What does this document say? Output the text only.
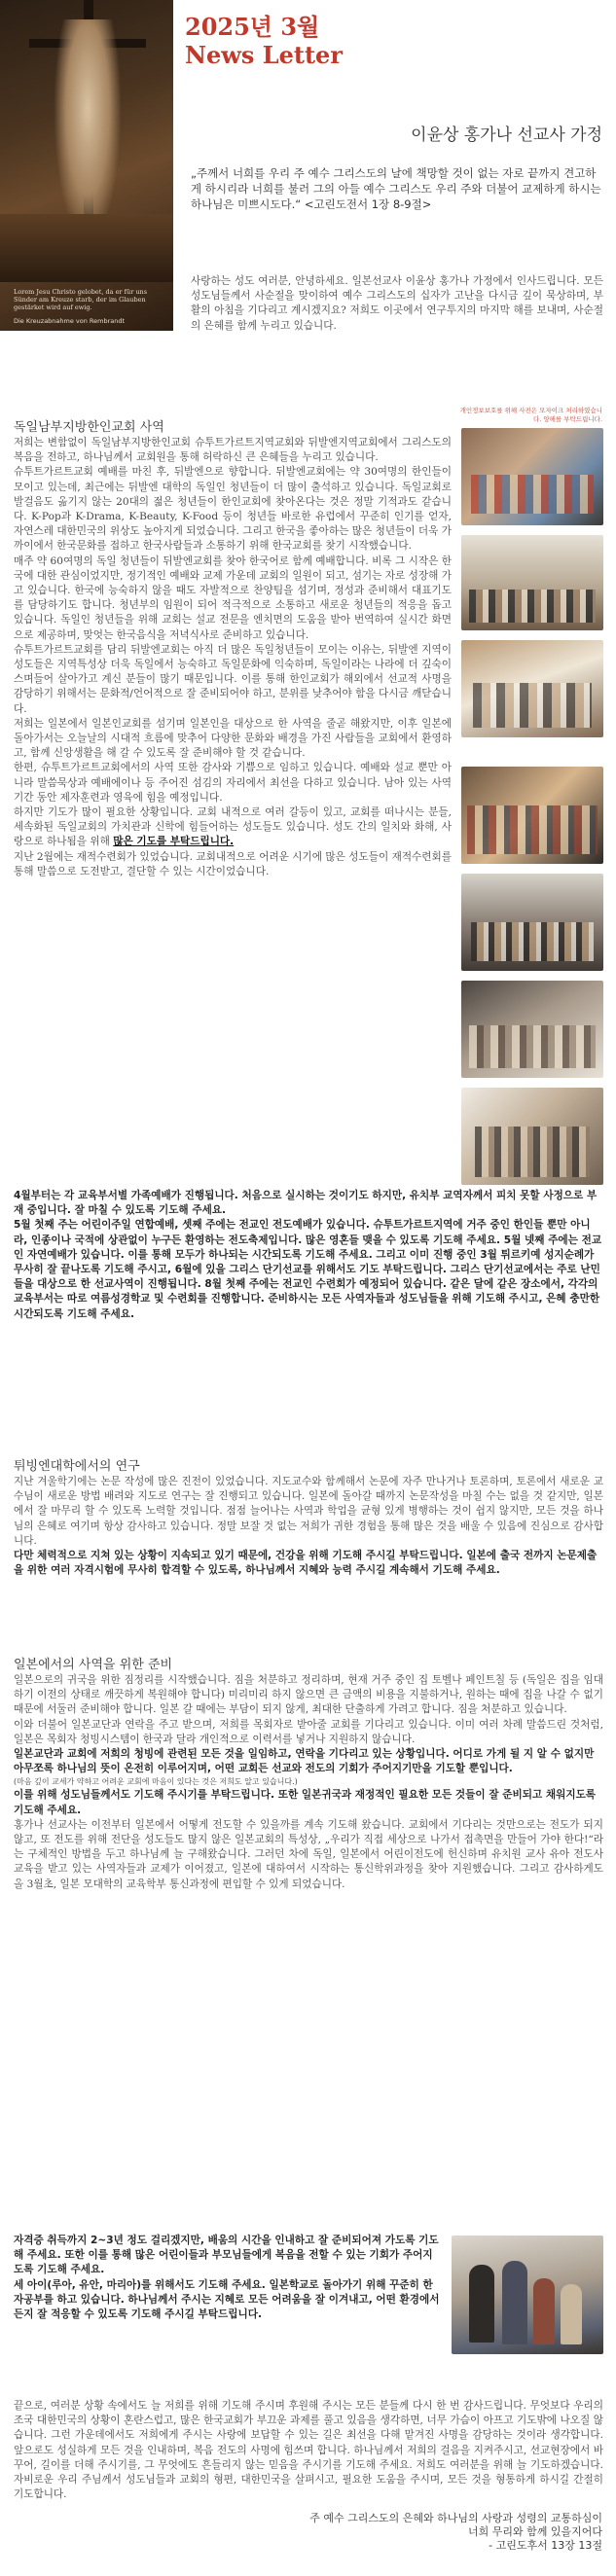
Lorem Jesu Christo gelobet, da er für uns Sünder am Kreuze starb, der im Glauben gestärket wird auf ewig.
Die Kreuzabnahme von Rembrandt
2025년 3월
News Letter
이윤상 홍가나 선교사 가정
„주께서 너희를 우리 주 예수 그리스도의 날에 책망할 것이 없는 자로 끝까지 견고하게 하시리라 너희를 불러 그의 아들 예수 그리스도 우리 주와 더불어 교제하게 하시는 하나님은 미쁘시도다.“ <고린도전서 1장 8-9절>
사랑하는 성도 여러분, 안녕하세요. 일본선교사 이윤상 홍가나 가정에서 인사드립니다. 모든 성도님들께서 사순절을 맞이하여 예수 그리스도의 십자가 고난을 다시금 깊이 묵상하며, 부활의 아침을 기다리고 계시겠지요? 저희도 이곳에서 연구투지의 마지막 해를 보내며, 사순절의 은혜를 함께 누리고 있습니다.
독일남부지방한인교회 사역
개인정보보호를 위해 사진은 모자이크 처리하였습니다. 양해를 부탁드립니다.
저희는 변함없이 독일남부지방한인교회 슈투트가르트지역교회와 뒤발엔지역교회에서 그리스도의 복음을 전하고, 하나님께서 교회원을 통해 허락하신 큰 은혜들을 누리고 있습니다.
슈투트가르트교회 예배를 마친 후, 뒤발엔으로 향합니다. 뒤발엔교회에는 약 30여명의 한인들이 모이고 있는데, 최근에는 뒤발엔 대학의 독일인 청년들이 더 많이 출석하고 있습니다. 독일교회로 발걸음도 옮기지 않는 20대의 젊은 청년들이 한인교회에 찾아온다는 것은 정말 기적과도 같습니다. K-Pop과 K-Drama, K-Beauty, K-Food 등이 청년들 바로한 유럽에서 꾸준히 인기를 얻자, 자연스레 대한민국의 위상도 높아지게 되었습니다. 그리고 한국을 좋아하는 많은 청년들이 더욱 가까이에서 한국문화를 접하고 한국사람들과 소통하기 위해 한국교회를 찾기 시작했습니다.
매주 약 60여명의 독일 청년들이 뒤발엔교회를 찾아 한국어로 함께 예배합니다. 비록 그 시작은 한국에 대한 관심이었지만, 정기적인 예배와 교제 가운데 교회의 일원이 되고, 섬기는 자로 성장해 가고 있습니다. 한국에 능숙하지 않을 때도 자발적으로 찬양팀을 섬기며, 정성과 준비해서 대표기도를 담당하기도 합니다. 청년부의 임원이 되어 적극적으로 소통하고 새로운 청년들의 적응을 돕고 있습니다. 독일인 청년들을 위해 교회는 설교 전문을 엔치면의 도움을 받아 번역하여 실시간 화면으로 제공하며, 맞엇는 한국음식을 저녁식사로 준비하고 있습니다.
슈투트가르트교회를 담리 뒤발엔교회는 아직 더 많은 독일청년들이 모이는 이유는, 뒤발엔 지역이 성도들은 지역특성상 더욱 독일에서 능숙하고 독일문화에 익숙하며, 독일이라는 나라에 더 깊숙이 스며들어 살아가고 계신 분들이 많기 때문입니다. 이를 통해 한인교회가 해외에서 선교적 사명을 감당하기 위해서는 문화적/언어적으로 잘 준비되어야 하고, 분위를 낮추어야 함을 다시금 깨닫습니다.
저희는 일본에서 일본인교회를 섬기며 일본인을 대상으로 한 사역을 줄곧 해왔지만, 이후 일본에 돌아가서는 오늘날의 시대적 흐름에 맞추어 다양한 문화와 배경을 가진 사람들을 교회에서 환영하고, 함께 신앙생활을 해 갈 수 있도록 잘 준비해야 할 것 같습니다.
한편, 슈투트가르트교회에서의 사역 또한 감사와 기쁨으로 임하고 있습니다. 예배와 설교 뿐만 아니라 말씀묵상과 예배에이나 등 주어진 섬김의 자리에서 최선을 다하고 있습니다. 남아 있는 사역기간 동안 제자훈련과 영육에 힘을 예정입니다.
하지만 기도가 많이 필요한 상황입니다. 교회 내적으로 여러 갈등이 있고, 교회를 떠나시는 분들, 세속화된 독일교회의 가치관과 신학에 힘들어하는 성도들도 있습니다. 성도 간의 일치와 화해, 사랑으로 하나됨을 위해 많은 기도를 부탁드립니다.
지난 2월에는 재적수련회가 있었습니다. 교회내적으로 어려운 시기에 많은 성도들이 재적수련회를 통해 말씀으로 도전받고, 결단할 수 있는 시간이었습니다.
4월부터는 각 교육부서별 가족예배가 진행됩니다. 처음으로 실시하는 것이기도 하지만, 유치부 교역자께서 피치 못할 사정으로 부재 중입니다. 잘 마칠 수 있도록 기도해 주세요.
5월 첫째 주는 어린이주일 연합예배, 셋째 주에는 전교인 전도예배가 있습니다. 슈투트가르트지역에 거주 중인 한인들 뿐만 아니라, 인종이나 국적에 상관없이 누구든 환영하는 전도축제입니다. 많은 영혼들 맺을 수 있도록 기도해 주세요. 5월 넷째 주에는 전교인 자연예배가 있습니다. 이를 통해 모두가 하나되는 시간되도록 기도해 주세요. 그리고 이미 진행 중인 3월 튀르키예 성지순례가 무사히 잘 끝나도록 기도해 주시고, 6월에 있을 그리스 단기선교를 위해서도 기도 부탁드립니다. 그리스 단기선교에서는 주로 난민들을 대상으로 한 선교사역이 진행됩니다. 8월 첫째 주에는 전교인 수련회가 예정되어 있습니다. 같은 달에 같은 장소에서, 각각의 교육부서는 따로 여름성경학교 및 수련회를 진행합니다. 준비하시는 모든 사역자들과 성도님들을 위해 기도해 주시고, 은혜 충만한 시간되도록 기도해 주세요.
튀빙엔대학에서의 연구
지난 겨울학기에는 논문 작성에 많은 진전이 있었습니다. 지도교수와 함께해서 논문에 자주 만나거나 토론하며, 토론에서 새로운 교수님이 새로운 방법 배려와 지도로 연구는 잘 진행되고 있습니다. 일본에 돌아갈 때까지 논문작성을 마칠 수는 없을 것 같지만, 일본에서 잘 마무리 할 수 있도록 노력할 것입니다. 점점 늘어나는 사역과 학업을 균형 있게 병행하는 것이 쉽지 않지만, 모든 것을 하나님의 은혜로 여기며 항상 감사하고 있습니다. 정말 보잘 것 없는 저희가 귀한 경험을 통해 많은 것을 배울 수 있음에 진심으로 감사합니다.
다만 체력적으로 지쳐 있는 상황이 지속되고 있기 때문에, 건강을 위해 기도해 주시길 부탁드립니다. 일본에 출국 전까지 논문제출을 위한 여러 자격시험에 무사히 합격할 수 있도록, 하나님께서 지혜와 능력 주시길 계속해서 기도해 주세요.
일본에서의 사역을 위한 준비
일본으로의 귀국을 위한 짐정리를 시작했습니다. 짐을 처분하고 정리하며, 현재 거주 중인 집 토벨나 페인트칠 등 (독일은 집을 임대하기 이전의 상태로 깨끗하게 복원해야 합니다) 미리미리 하지 않으면 큰 금액의 비용을 지불하거나, 원하는 때에 집을 나갈 수 없기 때문에 서둘러 준비해야 합니다. 일본 갈 때에는 부담이 되지 않게, 최대한 단출하게 가려고 합니다. 짐을 처분하고 있습니다.
이와 더불어 일본교단과 연락을 주고 받으며, 저희를 목회자로 받아줄 교회를 기다리고 있습니다. 이미 여러 차례 말씀드린 것처럼, 일본은 목회자 청빙시스템이 한국과 달라 개인적으로 이력서를 넣거나 지원하지 않습니다.
일본교단과 교회에 저희의 청빙에 관련된 모든 것을 일임하고, 연락을 기다리고 있는 상황입니다. 어디로 가게 될 지 알 수 없지만 아무쪼록 하나님의 뜻이 온전히 이루어지며, 어떤 교회든 선교와 전도의 기회가 주어지기만을 기도할 뿐입니다.
(마음 깊이 교세가 약하고 어려운 교회에 마음이 있다는 것은 저희도 알고 있습니다.)
이를 위해 성도님들께서도 기도해 주시기를 부탁드립니다. 또한 일본귀국과 재정적인 필요한 모든 것들이 잘 준비되고 채워지도록 기도해 주세요.
홍가나 선교사는 이전부터 일본에서 어떻게 전도할 수 있을까를 계속 기도해 왔습니다. 교회에서 기다리는 것만으로는 전도가 되지 않고, 또 전도를 위해 전단을 성도들도 많지 않은 일본교회의 특성상, „우리가 직접 세상으로 나가서 접촉면을 만들어 가야 한다!“라는 구체적인 방법을 두고 하나님께 늘 구해왔습니다. 그러던 차에 독일, 일본에서 어린이전도에 헌신하며 유치원 교사 유아 전도사 교육을 받고 있는 사역자들과 교제가 이어졌고, 일본에 대하여서 시작하는 통신학위과정을 찾아 지원했습니다. 그리고 감사하게도 올 3월초, 일본 모대학의 교육학부 통신과정에 편입할 수 있게 되었습니다.
자격증 취득까지 2~3년 정도 걸리겠지만, 배움의 시간을 인내하고 잘 준비되어져 가도록 기도해 주세요. 또한 이를 통해 많은 어린이들과 부모님들에게 복음을 전할 수 있는 기회가 주어지도록 기도해 주세요.
세 아이(루아, 유안, 마리아)를 위해서도 기도해 주세요. 일본학교로 돌아가기 위해 꾸준히 한자공부를 하고 있습니다. 하나님께서 주시는 지혜로 모든 어려움을 잘 이겨내고, 어떤 환경에서든지 잘 적응할 수 있도록 기도해 주시길 부탁드립니다.
끝으로, 여러분 상황 속에서도 늘 저희를 위해 기도해 주시며 후원해 주시는 모든 분들께 다시 한 번 감사드립니다. 무엇보다 우리의 조국 대한민국의 상황이 혼란스럽고, 많은 한국교회가 부끄운 과제를 풀고 있음을 생각하면, 너무 가슴이 아프고 기도밖에 나오질 않습니다. 그런 가운데에서도 저희에게 주시는 사랑에 보답할 수 있는 길은 최선을 다해 맡겨진 사명을 감당하는 것이라 생각합니다. 앞으로도 성실하게 모든 것을 인내하며, 복음 전도의 사명에 힘쓰며 합니다. 하나님께서 저희의 걸음을 지켜주시고, 선교현장에서 바꾸어, 길이를 더해 주시기를, 그 무엇에도 흔들리지 않는 믿음을 주시기를 기도해 주세요. 저희도 여러분을 위해 늘 기도하겠습니다. 자비로운 우리 주님께서 성도님들과 교회의 형편, 대한민국을 살펴시고, 필요한 도움을 주시며, 모든 것을 형통하게 하시길 간절히 기도합니다.
주 예수 그리스도의 은혜와 하나님의 사랑과 성령의 교통하심이
너희 무리와 함께 있을지어다
- 고린도후서 13장 13절
